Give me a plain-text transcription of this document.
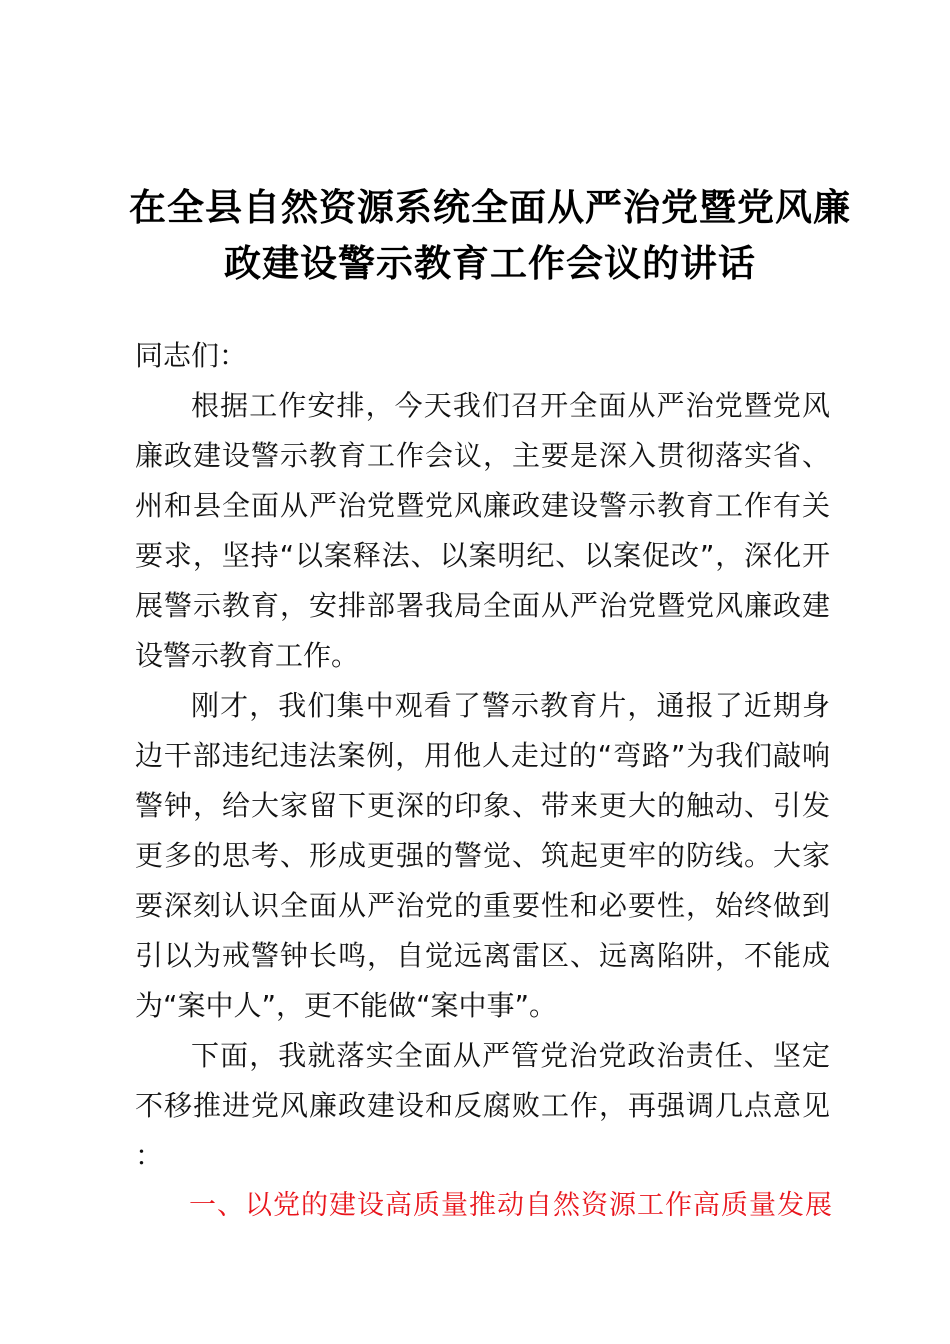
在全县自然资源系统全面从严治党暨党风廉
政建设警示教育工作会议的讲话

同志们：

根据工作安排，今天我们召开全面从严治党暨党风廉政建设警示教育工作会议，主要是深入贯彻落实省、州和县全面从严治党暨党风廉政建设警示教育工作有关要求，坚持“以案释法、以案明纪、以案促改”，深化开展警示教育，安排部署我局全面从严治党暨党风廉政建设警示教育工作。

刚才，我们集中观看了警示教育片，通报了近期身边干部违纪违法案例，用他人走过的“弯路”为我们敲响警钟，给大家留下更深的印象、带来更大的触动、引发更多的思考、形成更强的警觉、筑起更牢的防线。大家要深刻认识全面从严治党的重要性和必要性，始终做到引以为戒警钟长鸣，自觉远离雷区、远离陷阱，不能成为“案中人”，更不能做“案中事”。

下面，我就落实全面从严管党治党政治责任、坚定不移推进党风廉政建设和反腐败工作，再强调几点意见：

一、以党的建设高质量推动自然资源工作高质量发展
